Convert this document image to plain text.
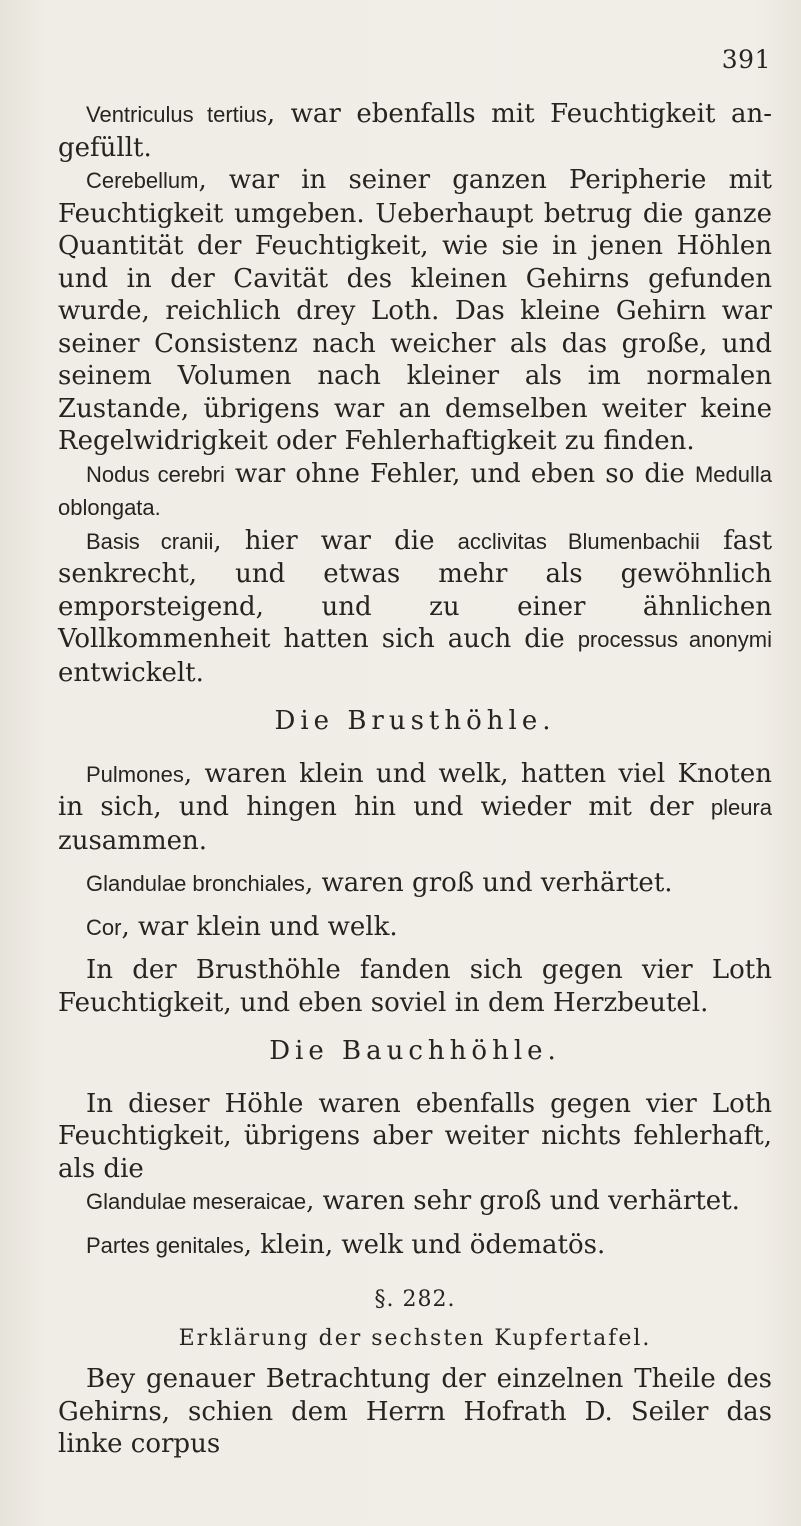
391

Ventriculus tertius, war ebenfalls mit Feuchtigkeit an-gefüllt.

Cerebellum, war in seiner ganzen Peripherie mit Feuchtigkeit umgeben. Ueberhaupt betrug die ganze Quantität der Feuchtigkeit, wie sie in jenen Höhlen und in der Cavität des kleinen Gehirns gefunden wurde, reichlich drey Loth. Das kleine Gehirn war seiner Consistenz nach weicher als das große, und seinem Volumen nach kleiner als im normalen Zustande, übrigens war an demselben weiter keine Regelwidrigkeit oder Fehlerhaftigkeit zu finden.

Nodus cerebri war ohne Fehler, und eben so die Medulla oblongata.

Basis cranii, hier war die acclivitas Blumenbachii fast senkrecht, und etwas mehr als gewöhnlich emporsteigend, und zu einer ähnlichen Vollkommenheit hatten sich auch die processus anonymi entwickelt.

Die Brusthöhle.

Pulmones, waren klein und welk, hatten viel Knoten in sich, und hingen hin und wieder mit der pleura zusammen.

Glandulae bronchiales, waren groß und verhärtet.

Cor, war klein und welk.

In der Brusthöhle fanden sich gegen vier Loth Feuchtigkeit, und eben soviel in dem Herzbeutel.

Die Bauchhöhle.

In dieser Höhle waren ebenfalls gegen vier Loth Feuchtigkeit, übrigens aber weiter nichts fehlerhaft, als die

Glandulae meseraicae, waren sehr groß und verhärtet.

Partes genitales, klein, welk und ödematös.

§. 282.

Erklärung der sechsten Kupfertafel.

Bey genauer Betrachtung der einzelnen Theile des Gehirns, schien dem Herrn Hofrath D. Seiler das linke corpus
